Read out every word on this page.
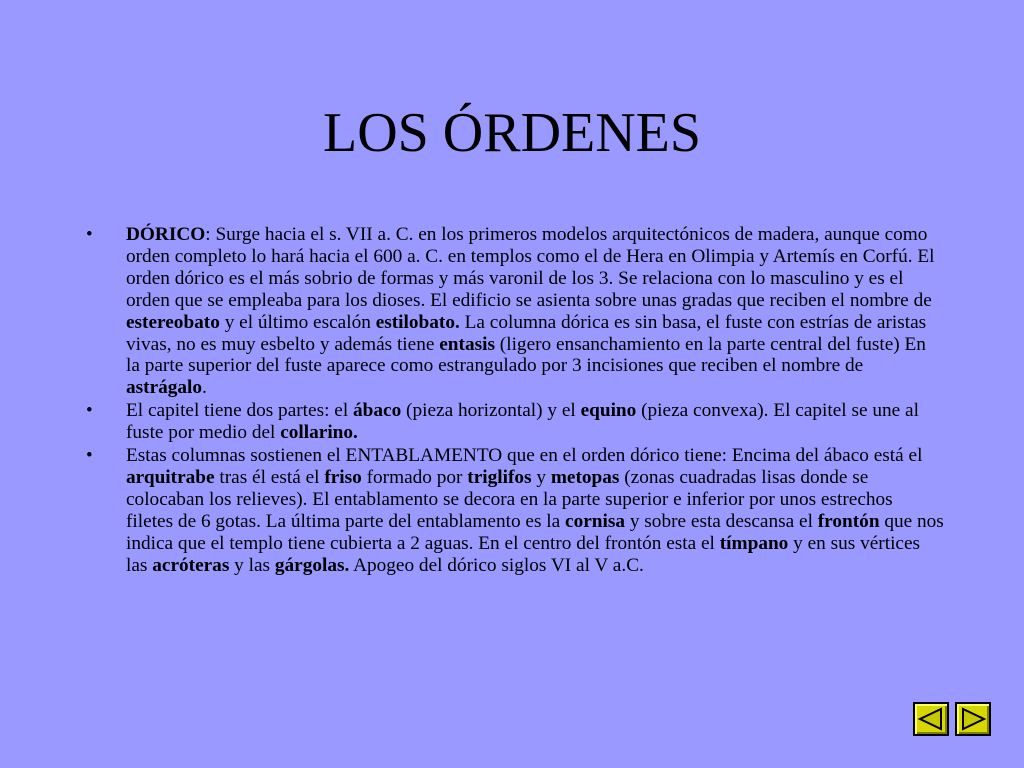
LOS ÓRDENES
•	DÓRICO: Surge hacia el s. VII a. C. en los primeros modelos arquitectónicos de madera, aunque como orden completo lo hará hacia el 600 a. C. en templos como el de Hera en Olimpia y Artemís en Corfú. El orden dórico es el más sobrio de formas y más varonil de los 3. Se relaciona con lo masculino y es el orden que se empleaba para los dioses. El edificio se asienta sobre unas gradas que reciben el nombre de estereobato y el último escalón estilobato. La columna dórica es sin basa, el fuste con estrías de aristas vivas, no es muy esbelto y además tiene entasis (ligero ensanchamiento en la parte central del fuste) En la parte superior del fuste aparece como estrangulado por 3 incisiones que reciben el nombre de astrágalo.
•	El capitel tiene dos partes: el ábaco (pieza horizontal) y el equino (pieza convexa). El capitel se une al fuste por medio del collarino.
•	Estas columnas sostienen el ENTABLAMENTO que en el orden dórico tiene: Encima del ábaco está el arquitrabe tras él está el friso formado por triglifos y metopas (zonas cuadradas lisas donde se colocaban los relieves). El entablamento se decora en la parte superior e inferior por unos estrechos filetes de 6 gotas. La última parte del entablamento es la cornisa y sobre esta descansa el frontón que nos indica que el templo tiene cubierta a 2 aguas. En el centro del frontón esta el tímpano y en sus vértices las acróteras y las gárgolas. Apogeo del dórico siglos VI al V a.C.
